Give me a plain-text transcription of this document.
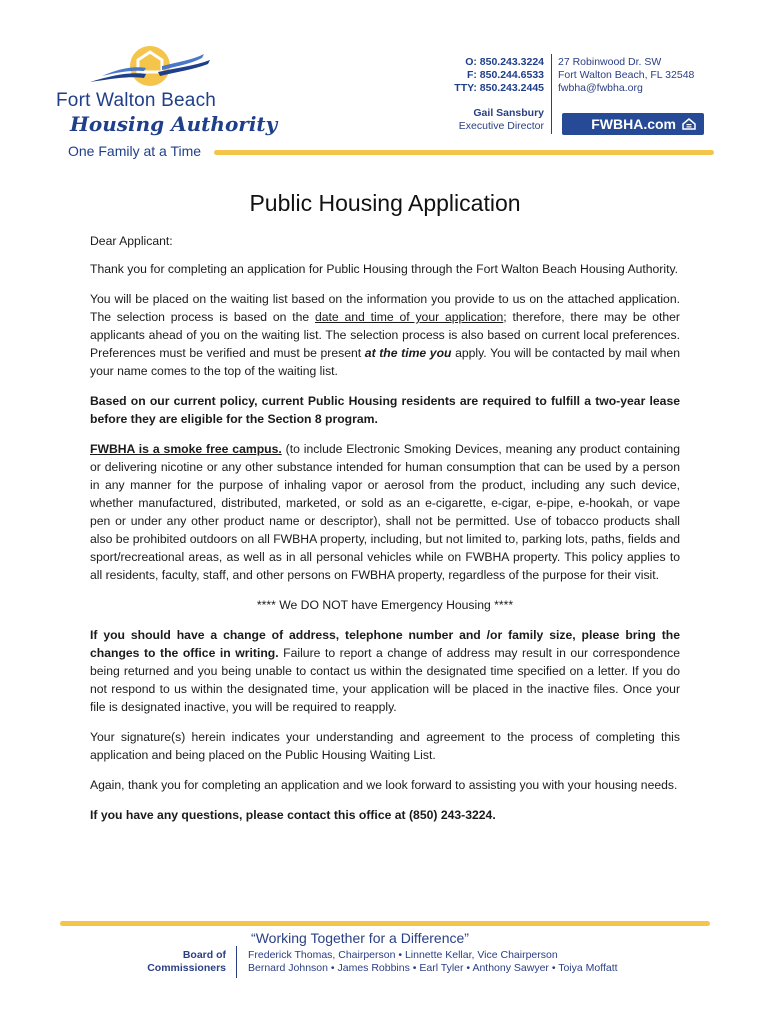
Fort Walton Beach
Housing Authority
One Family at a Time
O: 850.243.3224
F: 850.244.6533
TTY: 850.243.2445
27 Robinwood Dr. SW
Fort Walton Beach, FL 32548
fwbha@fwbha.org
Gail Sansbury
Executive Director	FWBHA.com
Public Housing Application

Dear Applicant:

Thank you for completing an application for Public Housing through the Fort Walton Beach Housing Authority.

You will be placed on the waiting list based on the information you provide to us on the attached application. The selection process is based on the date and time of your application; therefore, there may be other applicants ahead of you on the waiting list. The selection process is also based on current local preferences. Preferences must be verified and must be present at the time you apply. You will be contacted by mail when your name comes to the top of the waiting list.

Based on our current policy, current Public Housing residents are required to fulfill a two-year lease before they are eligible for the Section 8 program.

FWBHA is a smoke free campus. (to include Electronic Smoking Devices, meaning any product containing or delivering nicotine or any other substance intended for human consumption that can be used by a person in any manner for the purpose of inhaling vapor or aerosol from the product, including any such device, whether manufactured, distributed, marketed, or sold as an e-cigarette, e-cigar, e-pipe, e-hookah, or vape pen or under any other product name or descriptor), shall not be permitted. Use of tobacco products shall also be prohibited outdoors on all FWBHA property, including, but not limited to, parking lots, paths, fields and sport/recreational areas, as well as in all personal vehicles while on FWBHA property. This policy applies to all residents, faculty, staff, and other persons on FWBHA property, regardless of the purpose for their visit.

**** We DO NOT have Emergency Housing ****

If you should have a change of address, telephone number and /or family size, please bring the changes to the office in writing. Failure to report a change of address may result in our correspondence being returned and you being unable to contact us within the designated time specified on a letter. If you do not respond to us within the designated time, your application will be placed in the inactive files. Once your file is designated inactive, you will be required to reapply.

Your signature(s) herein indicates your understanding and agreement to the process of completing this application and being placed on the Public Housing Waiting List.

Again, thank you for completing an application and we look forward to assisting you with your housing needs.

If you have any questions, please contact this office at (850) 243-3224.

“Working Together for a Difference”
Board of
Commissioners
Frederick Thomas, Chairperson • Linnette Kellar, Vice Chairperson
Bernard Johnson • James Robbins • Earl Tyler • Anthony Sawyer • Toiya Moffatt
